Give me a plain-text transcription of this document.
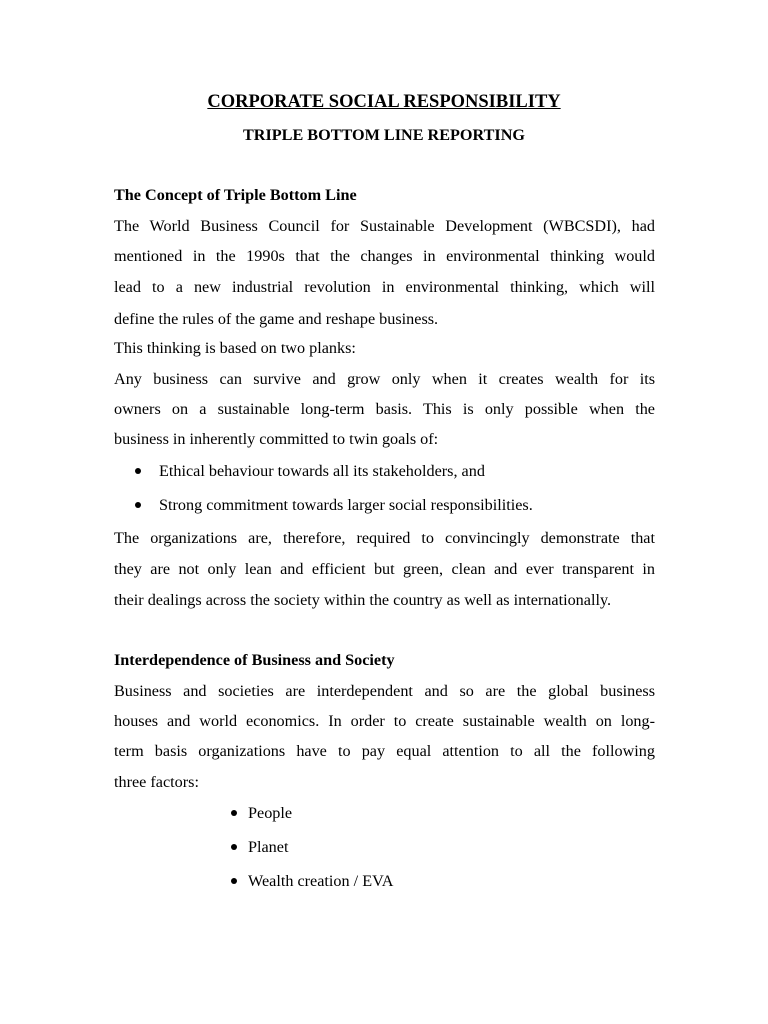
CORPORATE SOCIAL RESPONSIBILITY
TRIPLE BOTTOM LINE REPORTING
The Concept of Triple Bottom Line
The World Business Council for Sustainable Development (WBCSDI), had
mentioned in the 1990s that the changes in environmental thinking would
lead to a new industrial revolution in environmental thinking, which will
define the rules of the game and reshape business.
This thinking is based on two planks:
Any business can survive and grow only when it creates wealth for its
owners on a sustainable long-term basis. This is only possible when the
business in inherently committed to twin goals of:
Ethical behaviour towards all its stakeholders, and
Strong commitment towards larger social responsibilities.
The organizations are, therefore, required to convincingly demonstrate that
they are not only lean and efficient but green, clean and ever transparent in
their dealings across the society within the country as well as internationally.
Interdependence of Business and Society
Business and societies are interdependent and so are the global business
houses and world economics. In order to create sustainable wealth on long-
term basis organizations have to pay equal attention to all the following
three factors:
People
Planet
Wealth creation / EVA
